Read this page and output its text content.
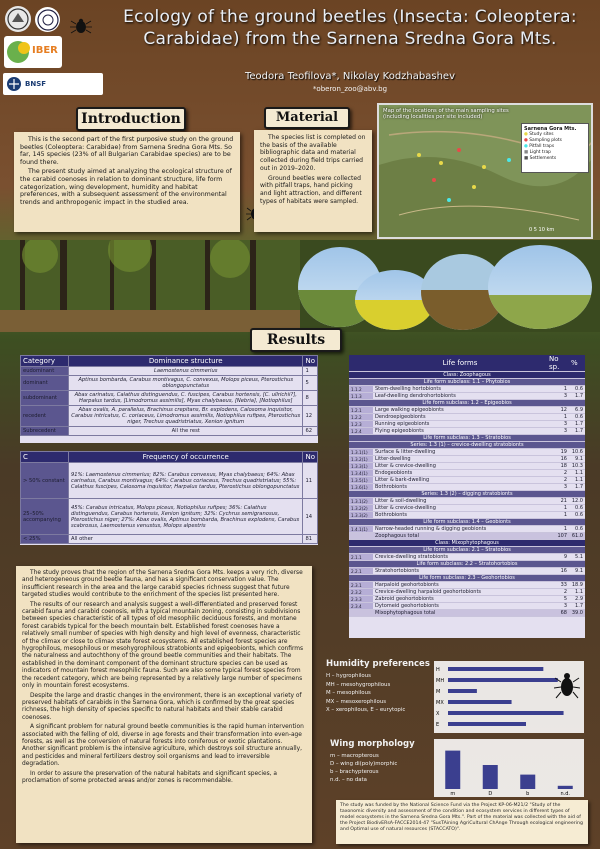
IBER
BNSF
Ecology of the ground beetles (Insecta: Coleoptera: Carabidae) from the Sarnena Sredna Gora Mts.
Teodora Teofilova*, Nikolay Kodzhabashev
*oberon_zoo@abv.bg
Introduction

This is the second part of the first purposive study on the ground beetles (Coleoptera: Carabidae) from Sarnena Sredna Gora Mts. So far, 145 species (23% of all Bulgarian Carabidae species) are to be found there.

The present study aimed at analyzing the ecological structure of the carabid coenoses in relation to dominant structure, life form categorization, wing development, humidity and habitat preferences, with a subsequent assessment of the environmental trends and anthropogenic impact in the studied area.

Material

The species list is completed on the basis of the available bibliographic data and material collected during field trips carried out in 2019–2020.

Ground beetles were collected with pitfall traps, hand picking and light attraction, and different types of habitats were sampled.

Map of the locations of the main sampling sites (including localities per site included)
Sarnena Gora Mts.
● Study sites
● Sampling plots
● Pitfall traps
■ Light trap
■ Settlements
0 5 10 km
Results
Category	Dominance structure	No
eudominant	Laemostenus cimmerius	1
dominant	Aptinus bombarda, Carabus montivagus, C. convexus, Molops piceus, Pterostichus oblongopunctatus	5
subdominant	Abax carinatus, Calathus distinguendus, C. fuscipes, Carabus hortensis, [C. ullrichii?], Harpalus tardus, [Limodromus assimilis], Myas chalybaeus, [Nebria], [Notiophilus]	8
recedent	Abax ovalis, A. parallelus, Brachinus crepitans, Br. explodens, Calosoma inquisitor, Carabus intricatus, C. coriaceus, Limodromus assimilis, Notiophilus rufipes, Pterostichus niger, Trechus quadristriatus, Xenion ignitum	12
Subrecedent	All the rest	62
C	Frequency of occurrence	No
> 50% constant	91%: Laemostenus cimmerius; 82%: Carabus convexus, Myas chalybaeus; 64%: Abax carinatus, Carabus montivagus; 64%: Carabus coriaceus, Trechus quadristriatus; 55%: Calathus fuscipes, Calosoma inquisitor, Harpalus tardus, Pterostichus oblongopunctatus	11
25–50% accompanying	45%: Carabus intricatus, Molops piceus, Notiophilus rufipes; 36%: Calathus distinguendus, Carabus hortensis, Xenion ignitum; 32%: Cychrus semigranosus, Pterostichus niger; 27%: Abax ovalis, Aptinus bombarda, Brachinus explodens, Carabus scabrosus, Laemostenus venustus, Molops alpestris	14
< 25%	All other	81
	Life forms	No sp.	%
Class: Zoophagous			
Life form subclass: 1.1 – Phytobios			
1.1.2	Stem-dwelling hortobionts	1	0.6
1.1.3	Leaf-dwelling dendrohortobionts	3	1.7
Life form subclass: 1.2 – Epigeobios			
1.2.1	Large walking epigeobionts	12	6.9
1.2.2	Dendroepigeobionts	1	0.6
1.2.3	Running epigeobionts	3	1.7
1.2.4	Flying epigeobionts	3	1.7
Life form subclass: 1.3 – Stratobios			
Series: 1.3 (1) – crevice-dwelling stratobionts			
1.3.1(1)	Surface & litter-dwelling	19	10.6
1.3.2(1)	Litter-dwelling	16	9.1
1.3.3(1)	Litter & crevice-dwelling	18	10.3
1.3.4(1)	Endogeobionts	2	1.1
1.3.5(1)	Litter & bark-dwelling	2	1.1
1.3.6(1)	Bothrobionts	3	1.7
Series: 1.3 (2) – digging stratobionts			
1.3.1(2)	Litter & soil-dwelling	21	12.0
1.3.2(2)	Litter & crevice-dwelling	1	0.6
1.3.3(2)	Bothrobionts	1	0.6
Life form subclass: 1.4 – Geobionts			
1.4.1(1)	Narrow-headed running & digging geobionts	1	0.6
	Zoophagous total	107	61.0
Class: Mixophytophagous			
Life form subclass: 2.1 – Stratobios			
2.1.1	Crevice-dwelling stratobionts	9	5.1
Life form subclass: 2.2 – Stratohortobios			
2.2.1	Stratohortobionts	16	9.1
Life form subclass: 2.3 – Geohortobios			
2.3.1	Harpaloid geohortobionts	33	18.9
2.3.2	Crevice-dwelling harpaloid geohortobionts	2	1.1
2.3.3	Zabroid geohortobionts	5	2.9
2.3.4	Dytomeid geohortobionts	3	1.7
	Mixophytophagous total	68	39.0

The study proves that the region of the Sarnena Sredna Gora Mts. keeps a very rich, diverse and heterogeneous ground beetle fauna, and has a significant conservation value. The insufficient research in the area and the large carabid species richness suggest that future targeted studies would contribute to the enrichment of the species list presented here.

The results of our research and analysis suggest a well-differentiated and preserved forest carabid fauna and carabid coenosis, with a typical mountain zoning, consisting in subdivisions between species characteristic of all types of old mesophilic deciduous forests, and montane forest carabids typical for the beech mountain belt. Established forest coenoses have a relatively small number of species with high density and high level of evenness, characteristic of the climax or close to climax state forest ecosystems. All established forest species are hygrophilous, mesophilous or mesohygrophilous stratobionts and epigeobionts, which confirms the naturalness and autochthony of the ground beetle communities and their habitats. The established in the dominant component of the dominant structure species can be used as indicators of mountain forest mesophilic fauna. Such are also some typical forest species from the recedent category, which are being represented by a relatively large number of specimens only in mountain forest ecosystems.

Despite the large and drastic changes in the environment, there is an exceptional variety of preserved habitats of carabids in the Sarnena Gora, which is confirmed by the great species richness, the high density of species specific to natural habitats and their stable carabid coenoses.

A significant problem for natural ground beetle communities is the rapid human intervention associated with the felling of old, diverse in age forests and their transformation into even-age forests, as well as the conversion of natural forests into coniferous or exotic plantations. Another significant problem is the intensive agriculture, which destroys soil structure annually, and pesticides and mineral fertilizers destroy soil organisms and lead to irreversible degradation.

In order to assure the preservation of the natural habitats and significant species, a proclamation of some protected areas and/or zones is recommendable.

Humidity preferences
H – hygrophilous
MH – mesohygrophilous
M – mesophilous
MX – mesoxerophilous
X – xerophilous, E – eurytopic
H
MH
M
MX
X
E
Wing morphology
m – macropterous
D – wing di(poly)morphic
b – brachypterous
n.d. – no data
m	D	b	n.d.
The study was funded by the National Science Fund via the Project KP-06-M21/2 "Study of the taxonomic diversity and assessment of the condition and ecosystem services in different types of model ecosystems in the Sarnena Sredna Gora Mts.". Part of the material was collected with the aid of the Project BiodivERsA-FACCE2014-47 "SusTAining AgriCultural ChAnge Through ecological engineering and Optimal use of natural resources (STACCATO)".
